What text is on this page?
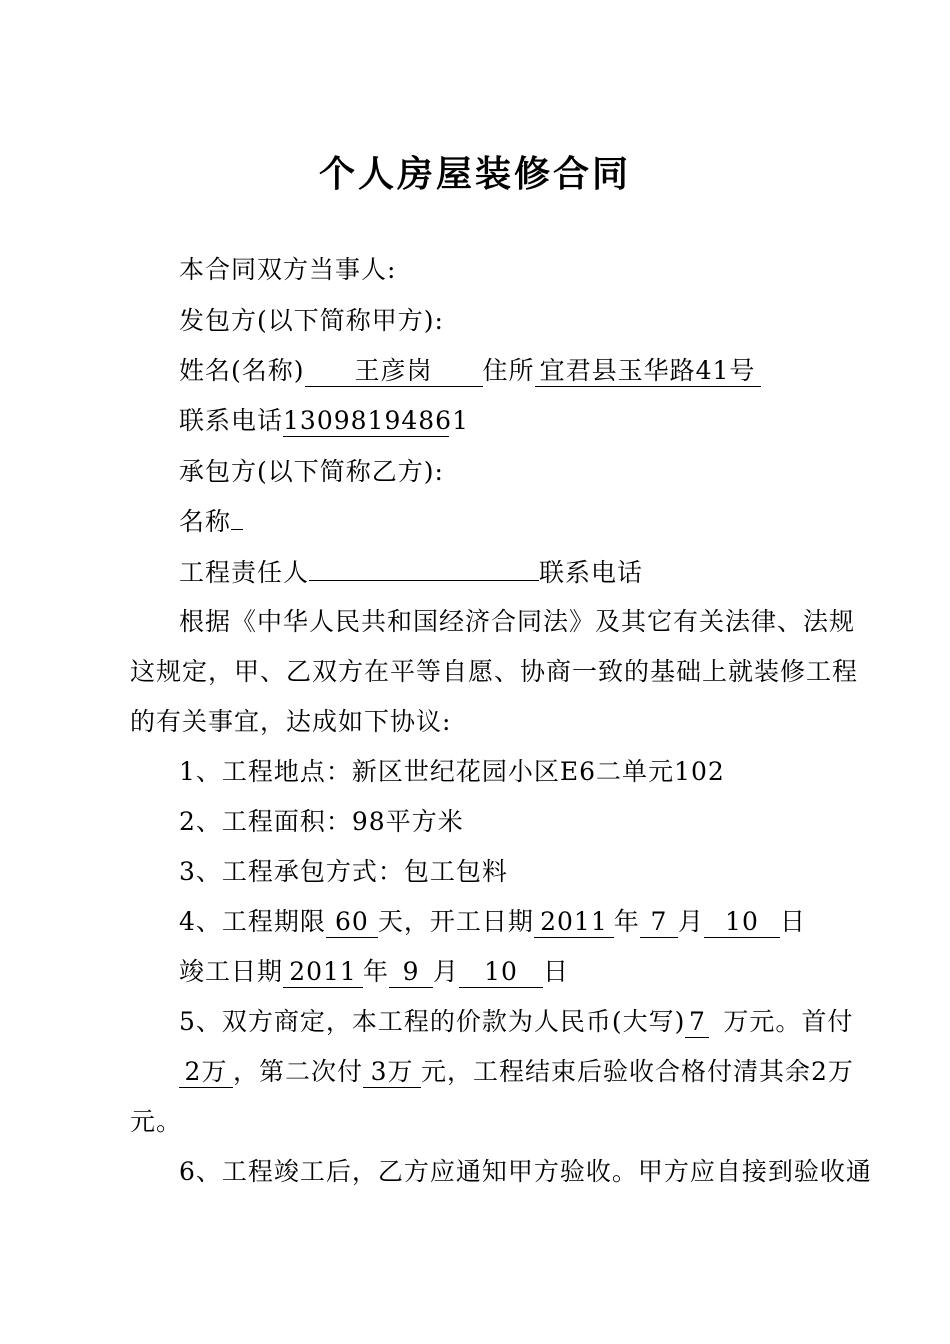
个人房屋装修合同
本合同双方当事人:
发包方(以下简称甲方):
姓名(名称) 王彦岗 住所 宜君县玉华路41号
联系电话13098194861
承包方(以下简称乙方):
名称
工程责任人	联系电话
根据《中华人民共和国经济合同法》及其它有关法律、法规
这规定，甲、乙双方在平等自愿、协商一致的基础上就装修工程
的有关事宜，达成如下协议:
1、工程地点：新区世纪花园小区E6二单元102
2、工程面积：98平方米
3、工程承包方式：包工包料
4、工程期限 60 天，开工日期 2011 年 7 月 10 日
竣工日期 2011 年 9 月 10 日
5、双方商定，本工程的价款为人民币(大写) 7 万元。首付
2万 ，第二次付 3万 元，工程结束后验收合格付清其余2万
元。
6、工程竣工后，乙方应通知甲方验收。甲方应自接到验收通
